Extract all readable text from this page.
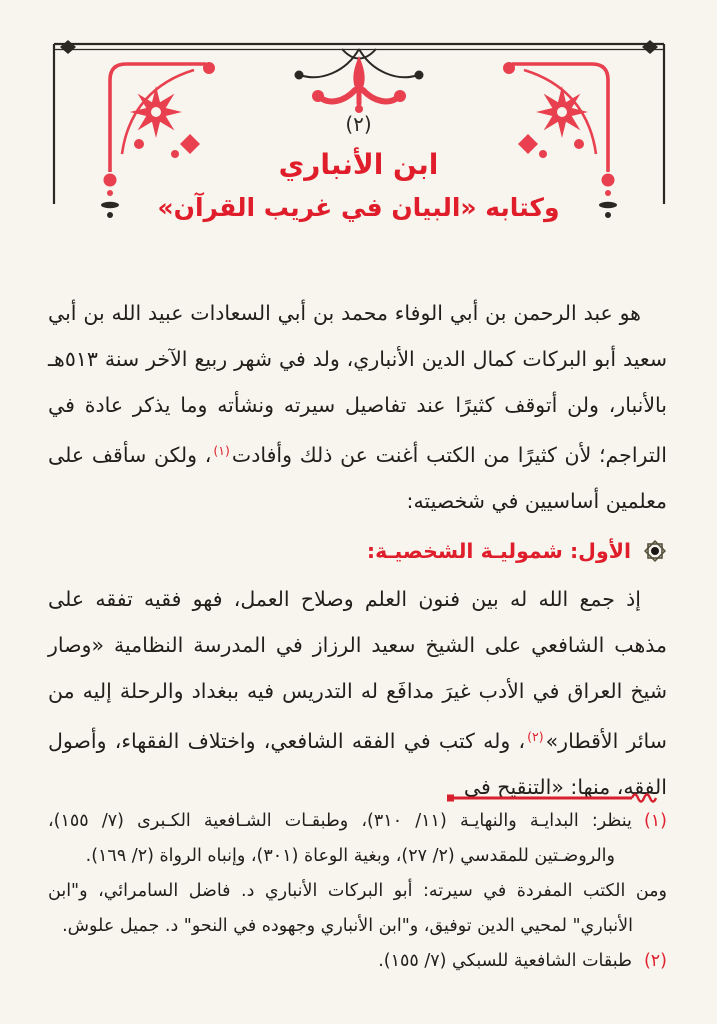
(٢)
ابن الأنباري
وكتابه «البيان في غريب القرآن»

هو عبد الرحمن بن أبي الوفاء محمد بن أبي السعادات عبيد الله بن أبي سعيد أبو البركات كمال الدين الأنباري، ولد في شهر ربيع الآخر سنة ٥١٣هـ بالأنبار، ولن أتوقف كثيرًا عند تفاصيل سيرته ونشأته وما يذكر عادة في التراجم؛ لأن كثيرًا من الكتب أغنت عن ذلك وأفادت$^{(١)}$، ولكن سأقف على معلمين أساسيين في شخصيته:

الأول: شموليـة الشخصيـة:

إذ جمع الله له بين فنون العلم وصلاح العمل، فهو فقيه تفقه على مذهب الشافعي على الشيخ سعيد الرزاز في المدرسة النظامية «وصار شيخ العراق في الأدب غيرَ مدافَع له التدريس فيه ببغداد والرحلة إليه من سائر الأقطار»$^{(٢)}$، وله كتب في الفقه الشافعي، واختلاف الفقهاء، وأصول الفقه، منها: «التنقيح في

(١)ينظر: البدايـة والنهايـة (١١/ ٣١٠)، وطبقـات الشـافعية الكـبرى (٧/ ١٥٥)، والروضـتين للمقدسي (٢/ ٢٧)، وبغية الوعاة (٣٠١)، وإنباه الرواة (٢/ ١٦٩).
ومن الكتب المفردة في سيرته: أبو البركات الأنباري د. فاضل السامرائي، و"ابن الأنباري" لمحيي الدين توفيق، و"ابن الأنباري وجهوده في النحو" د. جميل علوش.
(٢)طبقات الشافعية للسبكي (٧/ ١٥٥).
